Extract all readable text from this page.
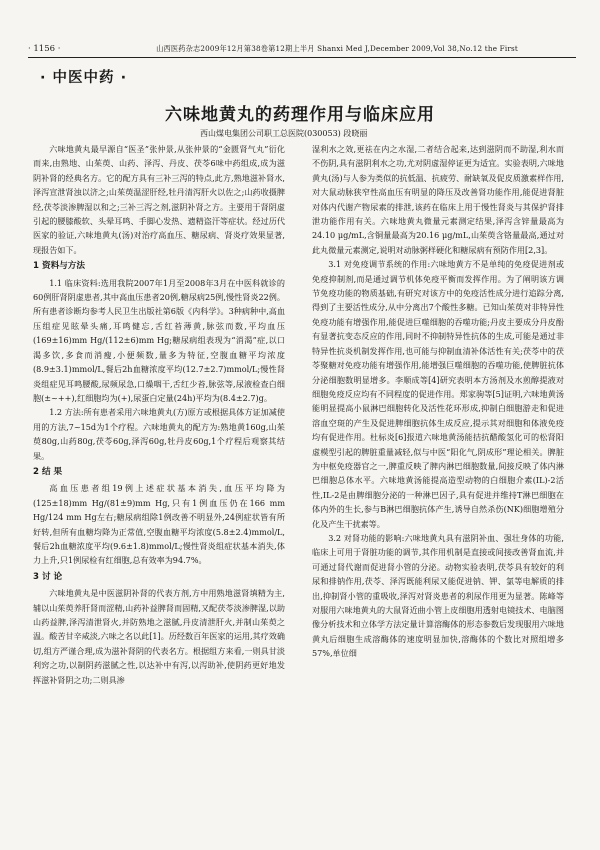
· 1156 ·	山西医药杂志2009年12月第38卷第12期上半月 Shanxi Med J,December 2009,Vol 38,No.12 the First
· 中医中药 ·
六味地黄丸的药理作用与临床应用
西山煤电集团公司职工总医院(030053) 段晓丽

六味地黄丸最早源自“医圣”张仲景,从张仲景的“金匮肾气丸”衍化而来,由熟地、山茱萸、山药、泽泻、丹皮、茯苓6味中药组成,成为滋阴补肾的经典名方。它的配方具有三补三泻的特点,此方,熟地滋补肾水,泽泻宣泄肾浊以济之;山茱萸温涩肝经,牡丹清泻肝火以佐之;山药收摄脾经,茯苓淡渗脾湿以和之;三补三泻之剂,滋阴补肾之方。主要用于肾阴虚引起的腰膝酸软、头晕耳鸣、手脚心发热、遗精盗汗等症状。经过历代医家的验证,六味地黄丸(汤)对治疗高血压、糖尿病、肾炎疗效果显著,现报告如下。

1 资料与方法

1.1 临床资料:选用我院2007年1月至2008年3月在中医科就诊的60例肝肾阴虚患者,其中高血压患者20例,糖尿病25例,慢性肾炎22例。所有患者诊断均参考人民卫生出版社第6版《内科学》。3种病种中,高血压组症见眩晕头痛,耳鸣健忘,舌红苔薄黄,脉弦而数,平均血压(169±16)mm Hg/(112±6)mm Hg;糖尿病组表现为“消渴”症,以口渴多饮,多食而消瘦,小便频数,量多为特征,空腹血糖平均浓度(8.9±3.1)mmol/L,餐后2h血糖浓度平均(12.7±2.7)mmol/L;慢性肾炎组症见耳鸣腰酸,尿频尿急,口燥咽干,舌红少苔,脉弦等,尿液检查白细胞(±~++),红细胞均为(+),尿蛋白定量(24h)平均为(8.4±2.7)g。

1.2 方法:所有患者采用六味地黄丸(方)原方或根据具体方证加减使用的方法,7~15d为1个疗程。六味地黄丸的配方为:熟地黄160g,山茱萸80g,山药80g,茯苓60g,泽泻60g,牡丹皮60g,1个疗程后观察其结果。

2 结 果

高血压患者组19例上述症状基本消失,血压平均降为(125±18)mm Hg/(81±9)mm Hg,只有1例血压仍在166 mm Hg/124 mm Hg左右;糖尿病组除1例改善不明显外,24例症状皆有所好转,但所有血糖均降为正常值,空腹血糖平均浓度(5.8±2.4)mmol/L,餐后2h血糖浓度平均(9.6±1.8)mmol/L;慢性肾炎组症状基本消失,体力上升,只1例尿检有红细胞,总有效率为94.7%。

3 讨 论

六味地黄丸是中医滋阴补肾的代表方剂,方中用熟地滋肾填精为主,辅以山茱萸养肝肾而涩精,山药补益脾肾而固精,又配茯苓淡渗脾湿,以助山药益脾,泽泻清泄肾火,并防熟地之滋腻,丹皮清泄肝火,并制山茱萸之温。酸苦甘辛咸淡,六味之名以此[1]。历经数百年医家的运用,其疗效确切,组方严谨合理,成为滋补肾阴的代表名方。根据组方来看,一则具甘淡利窍之功,以制阴药滋腻之性,以达补中有泻,以泻助补,使阴药更好地发挥滋补肾阴之功;二则具渗

湿利水之效,更祛在内之水湿,二者结合起来,达到滋阴而不助湿,利水而不伤阴,具有滋阴利水之功,尤对阴虚湿停证更为适宜。实验表明,六味地黄丸(汤)与人参为类似的抗低温、抗疲劳、耐缺氧及促皮质激素样作用,对大鼠动脉狭窄性高血压有明显的降压及改善肾功能作用,能促进肾脏对体内代谢产物尿素的排泄,该药在临床上用于慢性肾炎与其保护肾排泄功能作用有关。六味地黄丸微量元素测定结果,泽泻含锌量最高为24.10 μg/mL,含铜量最高为20.16 μg/mL,山茱萸含铬量最高,通过对此丸微量元素测定,说明对动脉粥样硬化和糖尿病有预防作用[2,3]。

3.1 对免疫调节系统的作用:六味地黄方不是单纯的免疫促进剂或免疫抑制剂,而是通过调节机体免疫平衡而发挥作用。为了阐明该方调节免疫功能的物质基础,有研究对该方中的免疫活性成分进行追踪分离,得到了主要活性成分,从中分离出7个酸性多糖。已知山茱萸对非特异性免疫功能有增强作用,能促进巨噬细胞的吞噬功能;丹皮主要成分丹皮酚有显著抗变态反应的作用,同时不抑制特异性抗体的生成,可能是通过非特异性抗炎机制发挥作用,也可能与抑制血清补体活性有关;茯苓中的茯苓聚糖对免疫功能有增强作用,能增强巨噬细胞的吞噬功能,使脾脏抗体分泌细胞数明显增多。李顺成等[4]研究表明本方汤剂及水煎醇提液对细胞免疫反应均有不同程度的促进作用。郑家驹等[5]证明,六味地黄汤能明显提高小鼠淋巴细胞转化及活性花环形成,抑制白细胞游走和促进溶血空斑的产生及促进脾细胞抗体生成反应,提示其对细胞和体液免疫均有促进作用。杜标炎[6]报道六味地黄汤能拮抗醋酸氢化可的松肾阳虚模型引起的脾脏重量减轻,似与中医“阳化气,阴成形”理论相关。脾脏为中枢免疫器官之一,脾重反映了脾内淋巴细胞数量,间接反映了体内淋巴细胞总体水平。六味地黄汤能提高造型动物的白细胞介素(IL)-2活性,IL-2是由脾细胞分泌的一种淋巴因子,具有促进并维持T淋巴细胞在体内外的生长,参与B淋巴细胞抗体产生,诱导自然杀伤(NK)细胞增殖分化及产生干扰素等。

3.2 对肾功能的影响:六味地黄丸具有滋阴补血、强壮身体的功能,临床上可用于肾脏功能的调节,其作用机制是直接或间接改善肾血流,并可通过肾代谢而促进肾小管的分泌。动物实验表明,茯苓具有较好的利尿和排钠作用,茯苓、泽泻既能利尿又能促进钠、钾、氯等电解质的排出,抑制肾小管的重吸收,泽泻对肾炎患者的利尿作用更为显著。陈峰等对服用六味地黄丸的大鼠肾近曲小管上皮细胞用透射电镜技术、电脑图像分析技术和立体学方法定量计算溶酶体的形态参数后发现服用六味地黄丸后细胞生成溶酶体的速度明显加快,溶酶体的个数比对照组增多57%,单位细
